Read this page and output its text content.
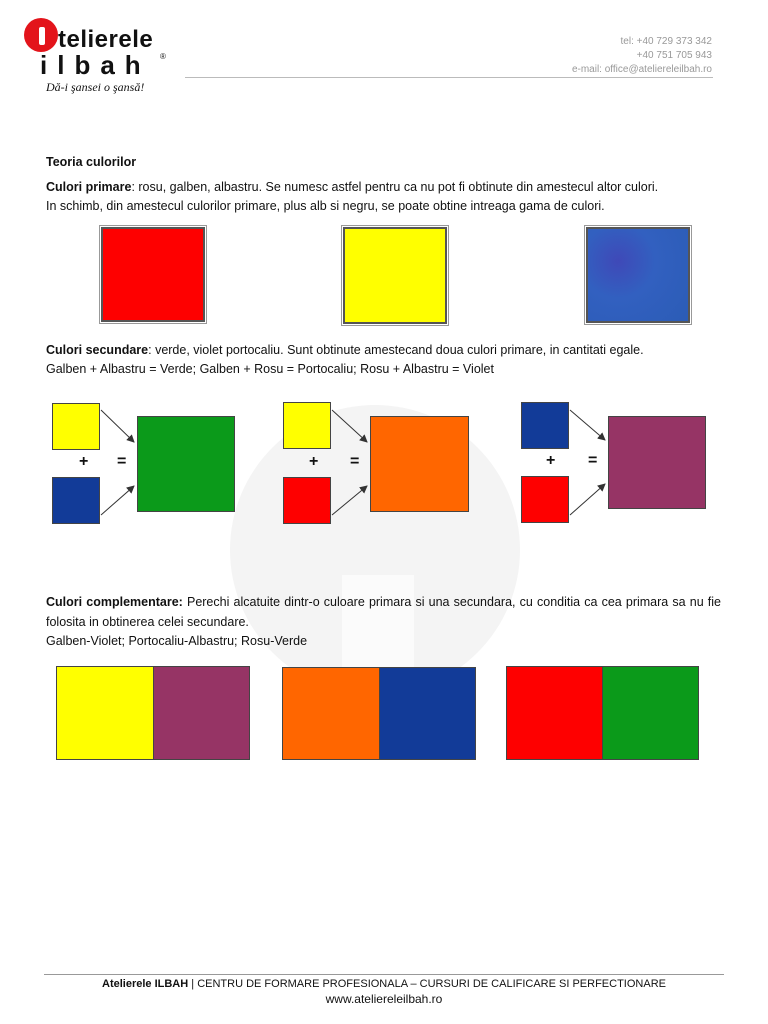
telierele
ilbah ®
Dă-i şansei o şansă!
tel: +40 729 373 342
+40 751 705 943
e-mail: office@ateliereleilbah.ro
Teoria culorilor
Culori primare: rosu, galben, albastru. Se numesc astfel pentru ca nu pot fi obtinute din amestecul altor culori.
In schimb, din amestecul culorilor primare, plus alb si negru, se poate obtine intreaga gama de culori.
Culori secundare: verde, violet portocaliu. Sunt obtinute amestecand doua culori primare, in cantitati egale.
Galben + Albastru = Verde; Galben + Rosu = Portocaliu; Rosu + Albastru = Violet
+ =	+ =	+ =
Culori complementare: Perechi alcatuite dintr-o culoare primara si una secundara, cu conditia ca cea primara sa nu fie folosita in obtinerea celei secundare.
Galben-Violet; Portocaliu-Albastru; Rosu-Verde
Atelierele ILBAH | CENTRU DE FORMARE PROFESIONALA – CURSURI DE CALIFICARE SI PERFECTIONARE
www.ateliereleilbah.ro
